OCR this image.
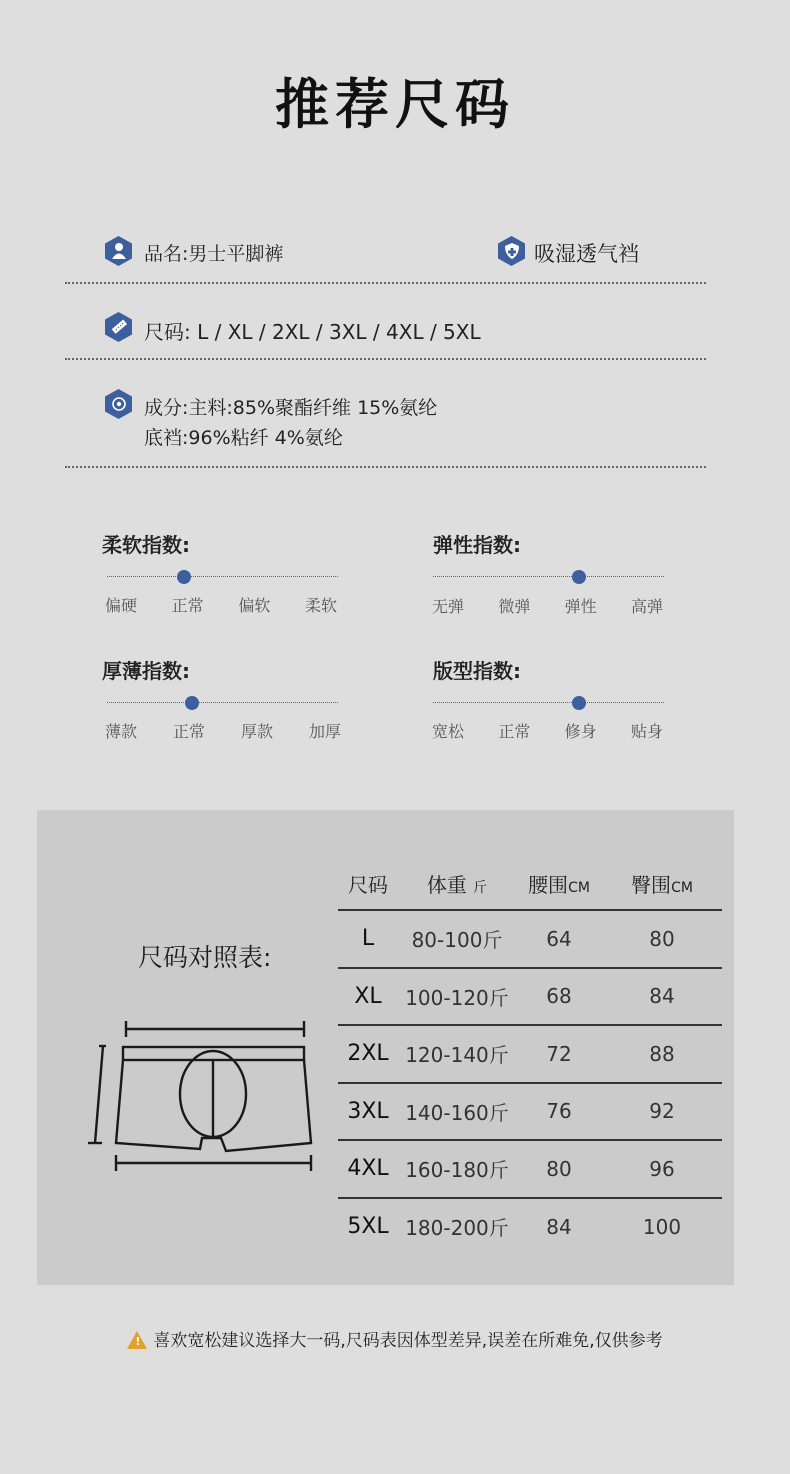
推荐尺码
品名:男士平脚裤	吸湿透气裆
尺码: L / XL / 2XL / 3XL / 4XL / 5XL
成分:主料:85%聚酯纤维 15%氨纶
底裆:96%粘纤 4%氨纶
柔软指数:
偏硬 正常 偏软 柔软
弹性指数:
无弹 微弹 弹性 高弹
厚薄指数:
薄款 正常 厚款 加厚
版型指数:
宽松 正常 修身 贴身
尺码对照表:
尺码	体重 斤	腰围CM	臀围CM
L	80-100斤	64	80
XL	100-120斤	68	84
2XL	120-140斤	72	88
3XL	140-160斤	76	92
4XL	160-180斤	80	96
5XL	180-200斤	84	100
! 喜欢宽松建议选择大一码,尺码表因体型差异,误差在所难免,仅供参考
